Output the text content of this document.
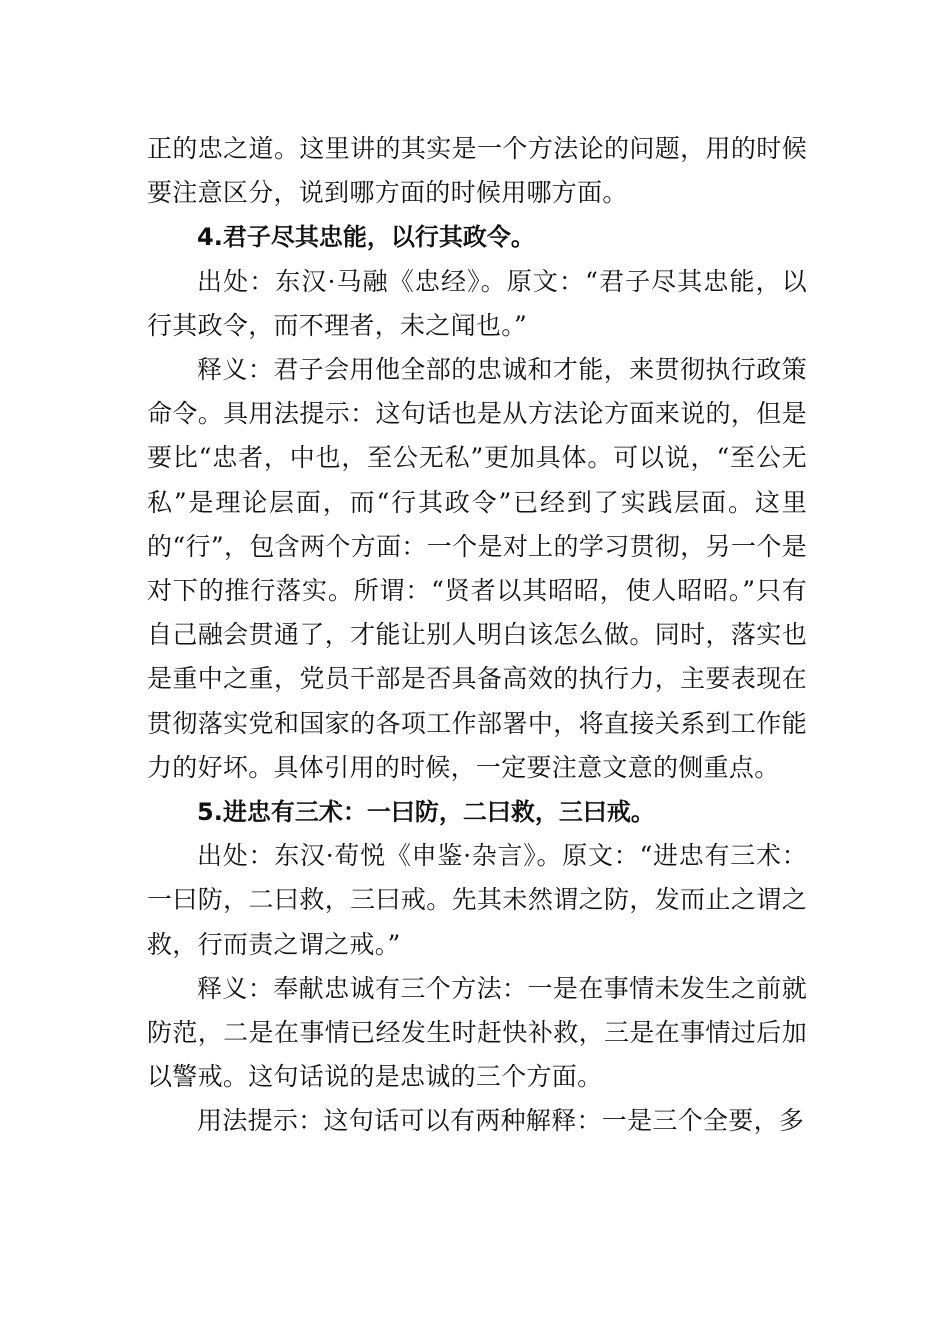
正的忠之道。这里讲的其实是一个方法论的问题，用的时候要注意区分，说到哪方面的时候用哪方面。

4.君子尽其忠能，以行其政令。

出处：东汉·马融《忠经》。原文：“君子尽其忠能，以行其政令，而不理者，未之闻也。”

释义：君子会用他全部的忠诚和才能，来贯彻执行政策命令。具用法提示：这句话也是从方法论方面来说的，但是要比“忠者，中也，至公无私”更加具体。可以说，“至公无私”是理论层面，而“行其政令”已经到了实践层面。这里的“行”，包含两个方面：一个是对上的学习贯彻，另一个是对下的推行落实。所谓：“贤者以其昭昭，使人昭昭。”只有自己融会贯通了，才能让别人明白该怎么做。同时，落实也是重中之重，党员干部是否具备高效的执行力，主要表现在贯彻落实党和国家的各项工作部署中，将直接关系到工作能力的好坏。具体引用的时候，一定要注意文意的侧重点。

5.进忠有三术：一曰防，二曰救，三曰戒。

出处：东汉·荀悦《申鉴·杂言》。原文：“进忠有三术：一曰防，二曰救，三曰戒。先其未然谓之防，发而止之谓之救，行而责之谓之戒。”

释义：奉献忠诚有三个方法：一是在事情未发生之前就防范，二是在事情已经发生时赶快补救，三是在事情过后加以警戒。这句话说的是忠诚的三个方面。

用法提示：这句话可以有两种解释：一是三个全要，多
